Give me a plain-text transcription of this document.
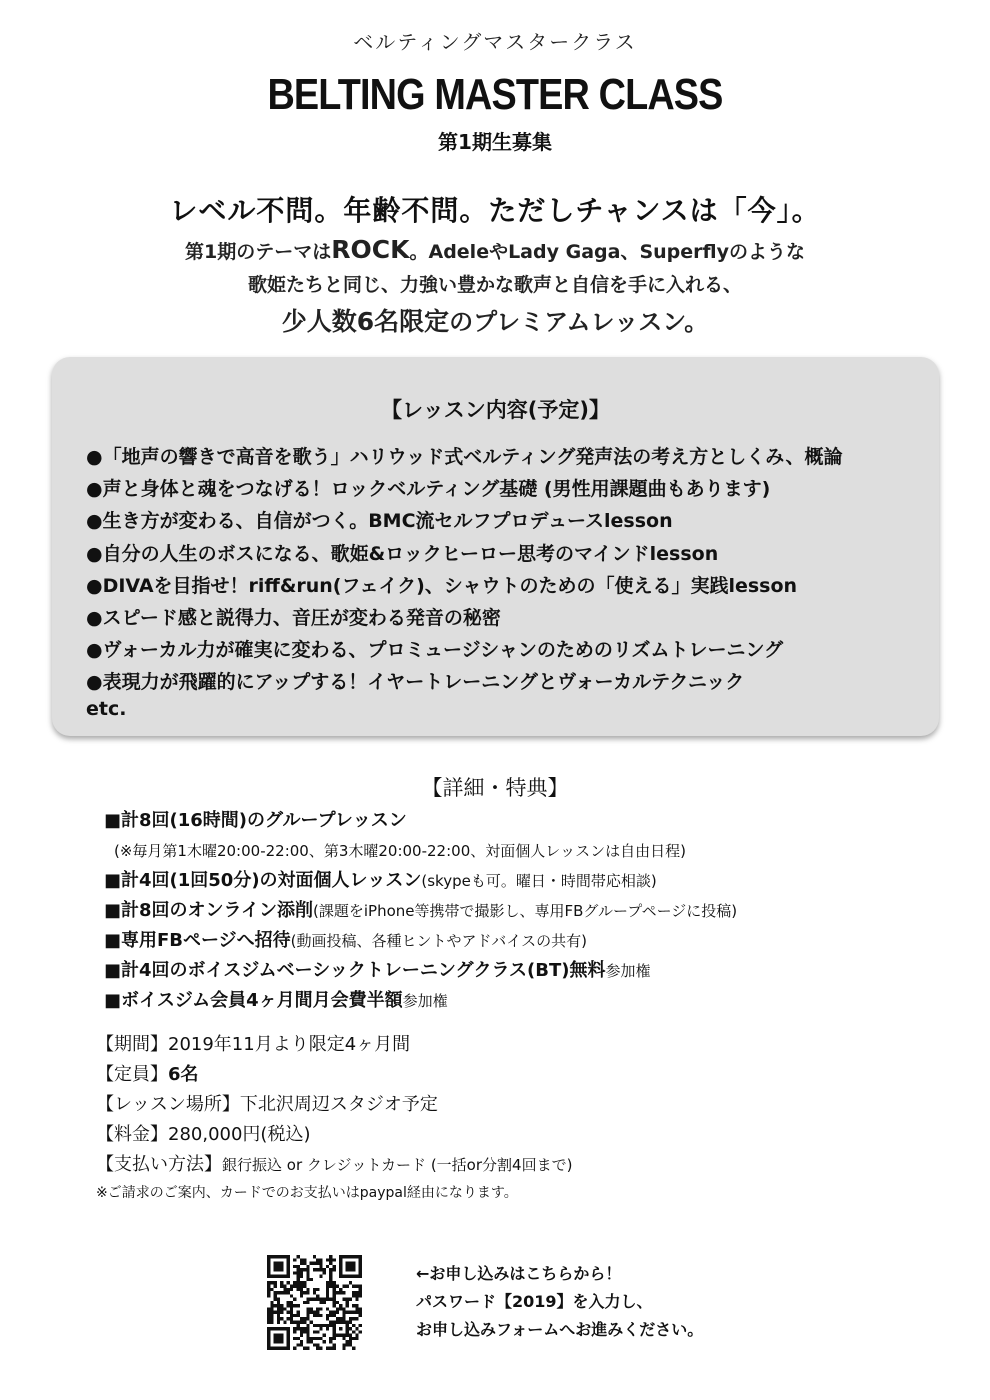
ベルティングマスタークラス
BELTING MASTER CLASS
第1期生募集
レベル不問。年齢不問。ただしチャンスは「今」。
第1期のテーマはROCK。AdeleやLady Gaga、Superflyのような
歌姫たちと同じ、力強い豊かな歌声と自信を手に入れる、
少人数6名限定のプレミアムレッスン。
【レッスン内容(予定)】
●「地声の響きで高音を歌う」ハリウッド式ベルティング発声法の考え方としくみ、概論
●声と身体と魂をつなげる！ロックベルティング基礎 (男性用課題曲もあります)
●生き方が変わる、自信がつく。BMC流セルフプロデュースlesson
●自分の人生のボスになる、歌姫&ロックヒーロー思考のマインドlesson
●DIVAを目指せ！riff&run(フェイク)、シャウトのための「使える」実践lesson
●スピード感と説得力、音圧が変わる発音の秘密
●ヴォーカル力が確実に変わる、プロミュージシャンのためのリズムトレーニング
●表現力が飛躍的にアップする！イヤートレーニングとヴォーカルテクニック
etc.
【詳細・特典】
■計8回(16時間)のグループレッスン
(※毎月第1木曜20:00-22:00、第3木曜20:00-22:00、対面個人レッスンは自由日程)
■計4回(1回50分)の対面個人レッスン(skypeも可。曜日・時間帯応相談)
■計8回のオンライン添削(課題をiPhone等携帯で撮影し、専用FBグループページに投稿)
■専用FBページへ招待(動画投稿、各種ヒントやアドバイスの共有)
■計4回のボイスジムベーシックトレーニングクラス(BT)無料参加権
■ボイスジム会員4ヶ月間月会費半額参加権
【期間】2019年11月より限定4ヶ月間
【定員】6名
【レッスン場所】下北沢周辺スタジオ予定
【料金】280,000円(税込)
【支払い方法】銀行振込 or クレジットカード (一括or分割4回まで)
※ご請求のご案内、カードでのお支払いはpaypal経由になります。
←お申し込みはこちらから！
パスワード【2019】を入力し、
お申し込みフォームへお進みください。
